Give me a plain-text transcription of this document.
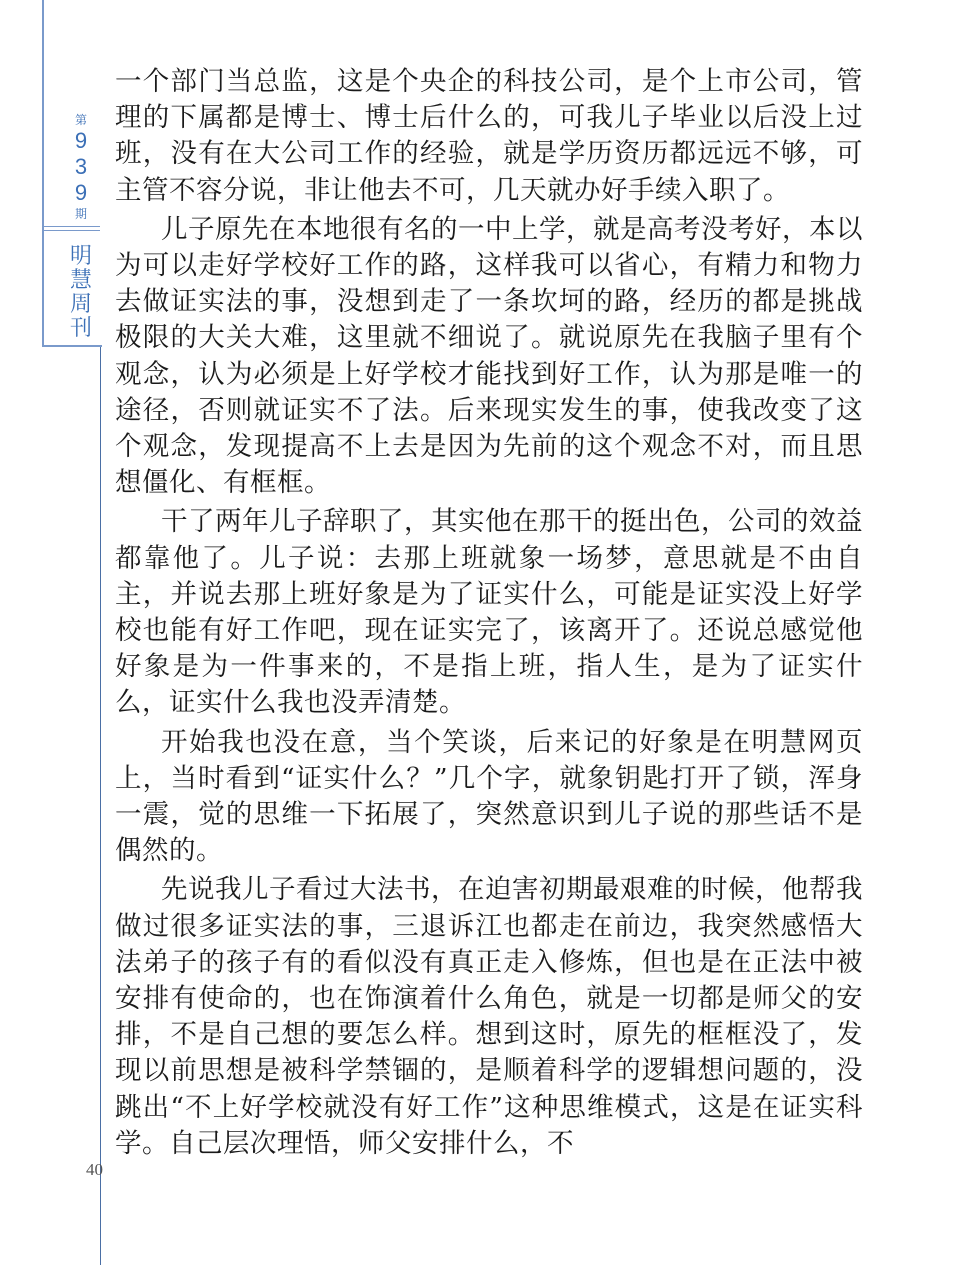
第
9
3
9
期
明
慧
周
刊
40

一个部门当总监，这是个央企的科技公司，是个上市公司，管理的下属都是博士、博士后什么的，可我儿子毕业以后没上过班，没有在大公司工作的经验，就是学历资历都远远不够，可主管不容分说，非让他去不可，几天就办好手续入职了。

儿子原先在本地很有名的一中上学，就是高考没考好，本以为可以走好学校好工作的路，这样我可以省心，有精力和物力去做证实法的事，没想到走了一条坎坷的路，经历的都是挑战极限的大关大难，这里就不细说了。就说原先在我脑子里有个观念，认为必须是上好学校才能找到好工作，认为那是唯一的途径，否则就证实不了法。后来现实发生的事，使我改变了这个观念，发现提高不上去是因为先前的这个观念不对，而且思想僵化、有框框。

干了两年儿子辞职了，其实他在那干的挺出色，公司的效益都靠他了。儿子说：去那上班就象一场梦，意思就是不由自主，并说去那上班好象是为了证实什么，可能是证实没上好学校也能有好工作吧，现在证实完了，该离开了。还说总感觉他好象是为一件事来的，不是指上班，指人生，是为了证实什么，证实什么我也没弄清楚。

开始我也没在意，当个笑谈，后来记的好象是在明慧网页上，当时看到“证实什么？”几个字，就象钥匙打开了锁，浑身一震，觉的思维一下拓展了，突然意识到儿子说的那些话不是偶然的。

先说我儿子看过大法书，在迫害初期最艰难的时候，他帮我做过很多证实法的事，三退诉江也都走在前边，我突然感悟大法弟子的孩子有的看似没有真正走入修炼，但也是在正法中被安排有使命的，也在饰演着什么角色，就是一切都是师父的安排，不是自己想的要怎么样。想到这时，原先的框框没了，发现以前思想是被科学禁锢的，是顺着科学的逻辑想问题的，没跳出“不上好学校就没有好工作”这种思维模式，这是在证实科学。自己层次理悟，师父安排什么，不
